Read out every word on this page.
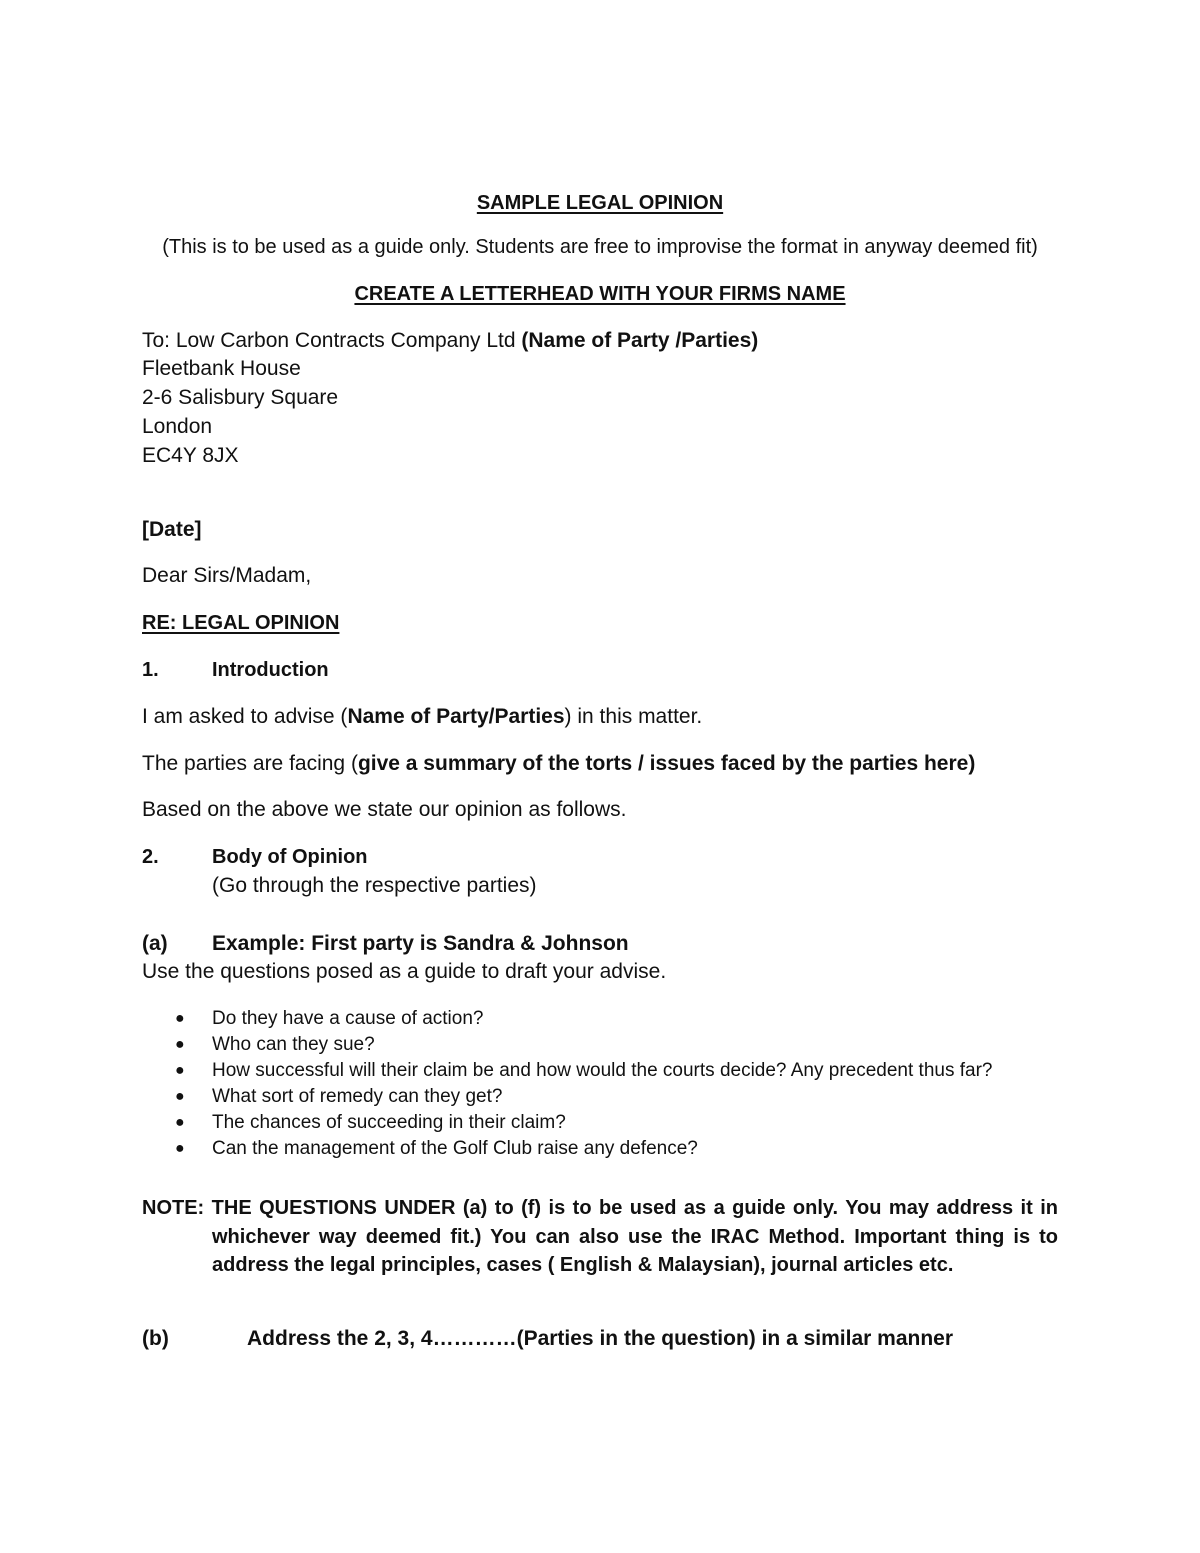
SAMPLE LEGAL OPINION
(This is to be used as a guide only. Students are free to improvise the format in anyway deemed fit)
CREATE A LETTERHEAD WITH YOUR FIRMS NAME
To: Low Carbon Contracts Company Ltd (Name of Party /Parties)
Fleetbank House
2-6 Salisbury Square
London
EC4Y 8JX
[Date]
Dear Sirs/Madam,
RE: LEGAL OPINION
1.	Introduction
I am asked to advise (Name of Party/Parties) in this matter.
The parties are facing (give a summary of the torts / issues faced by the parties here)
Based on the above we state our opinion as follows.
2.	Body of Opinion
(Go through the respective parties)
(a) Example: First party is Sandra & Johnson
Use the questions posed as a guide to draft your advise.
● Do they have a cause of action?
● Who can they sue?
● How successful will their claim be and how would the courts decide? Any precedent thus far?
● What sort of remedy can they get?
● The chances of succeeding in their claim?
● Can the management of the Golf Club raise any defence?
NOTE: THE QUESTIONS UNDER (a) to (f) is to be used as a guide only. You may address it in whichever way deemed fit.) You can also use the IRAC Method. Important thing is to address the legal principles, cases ( English & Malaysian), journal articles etc.
(b)	Address the 2, 3, 4…………(Parties in the question) in a similar manner
